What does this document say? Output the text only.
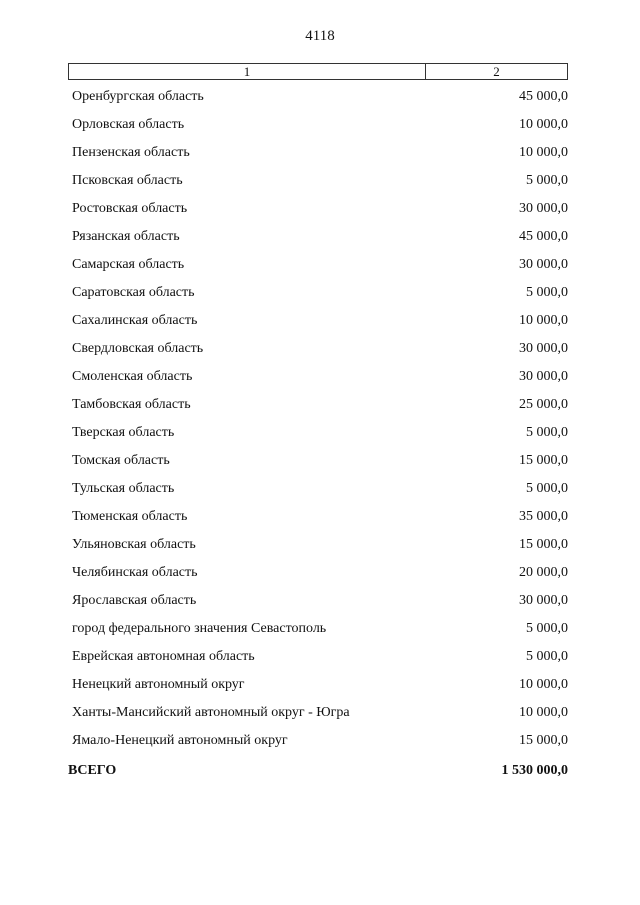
4118
1	2
Оренбургская область	45 000,0
Орловская область	10 000,0
Пензенская область	10 000,0
Псковская область	5 000,0
Ростовская область	30 000,0
Рязанская область	45 000,0
Самарская область	30 000,0
Саратовская область	5 000,0
Сахалинская область	10 000,0
Свердловская область	30 000,0
Смоленская область	30 000,0
Тамбовская область	25 000,0
Тверская область	5 000,0
Томская область	15 000,0
Тульская область	5 000,0
Тюменская область	35 000,0
Ульяновская область	15 000,0
Челябинская область	20 000,0
Ярославская область	30 000,0
город федерального значения Севастополь	5 000,0
Еврейская автономная область	5 000,0
Ненецкий автономный округ	10 000,0
Ханты-Мансийский автономный округ - Югра	10 000,0
Ямало-Ненецкий автономный округ	15 000,0
ВСЕГО	1 530 000,0
